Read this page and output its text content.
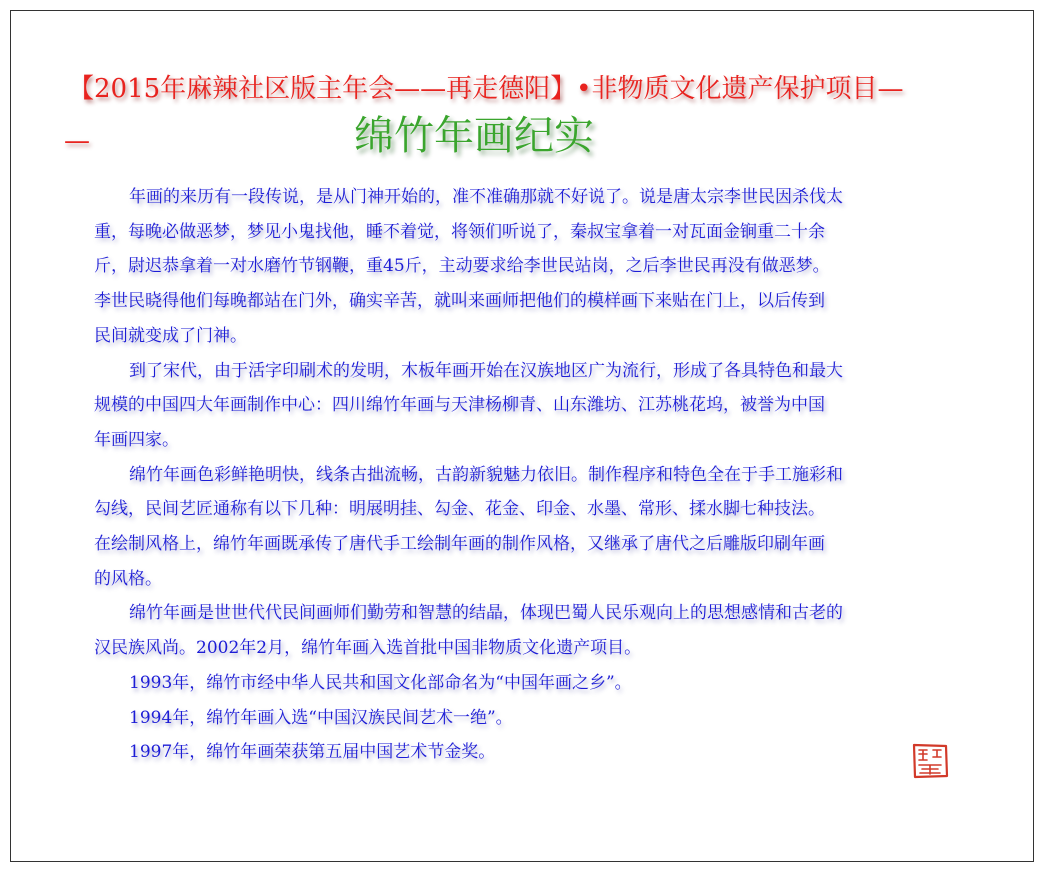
【2015年麻辣社区版主年会——再走德阳】•非物质文化遗产保护项目—
—	绵竹年画纪实
年画的来历有一段传说，是从门神开始的，准不准确那就不好说了。说是唐太宗李世民因杀伐太
重，每晚必做恶梦，梦见小鬼找他，睡不着觉，将领们听说了，秦叔宝拿着一对瓦面金锏重二十余
斤，尉迟恭拿着一对水磨竹节钢鞭，重45斤，主动要求给李世民站岗，之后李世民再没有做恶梦。
李世民晓得他们每晚都站在门外，确实辛苦，就叫来画师把他们的模样画下来贴在门上，以后传到
民间就变成了门神。
到了宋代，由于活字印刷术的发明，木板年画开始在汉族地区广为流行，形成了各具特色和最大
规模的中国四大年画制作中心：四川绵竹年画与天津杨柳青、山东潍坊、江苏桃花坞，被誉为中国
年画四家。
绵竹年画色彩鲜艳明快，线条古拙流畅，古韵新貌魅力依旧。制作程序和特色全在于手工施彩和
勾线，民间艺匠通称有以下几种：明展明挂、勾金、花金、印金、水墨、常形、揉水脚七种技法。
在绘制风格上，绵竹年画既承传了唐代手工绘制年画的制作风格，又继承了唐代之后雕版印刷年画
的风格。
绵竹年画是世世代代民间画师们勤劳和智慧的结晶，体现巴蜀人民乐观向上的思想感情和古老的
汉民族风尚。2002年2月，绵竹年画入选首批中国非物质文化遗产项目。
1993年，绵竹市经中华人民共和国文化部命名为“中国年画之乡”。
1994年，绵竹年画入选“中国汉族民间艺术一绝”。
1997年，绵竹年画荣获第五届中国艺术节金奖。
